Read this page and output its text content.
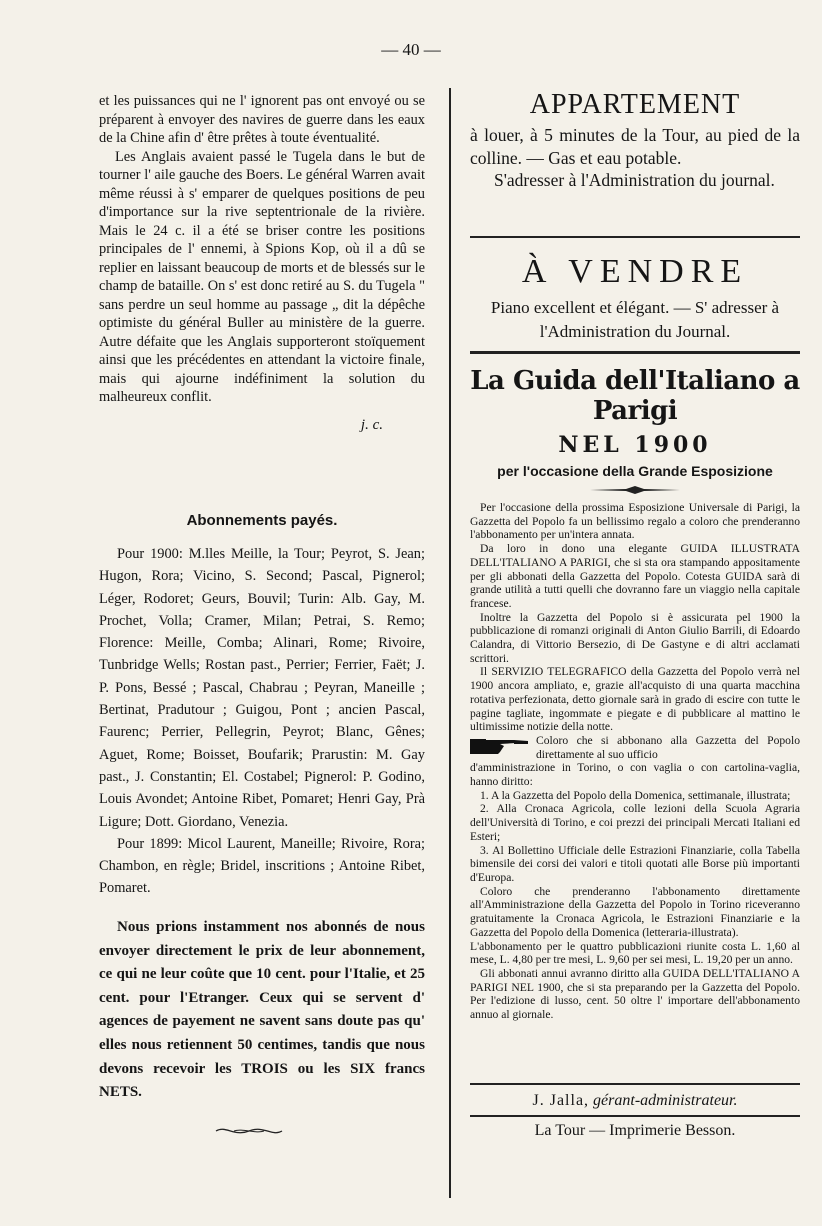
— 40 —

et les puissances qui ne l' ignorent pas ont envoyé ou se préparent à envoyer des navires de guerre dans les eaux de la Chine afin d' être prêtes à toute éventualité.

Les Anglais avaient passé le Tugela dans le but de tourner l' aile gauche des Boers. Le général Warren avait même réussi à s' emparer de quelques positions de peu d'importance sur la rive septentrionale de la rivière. Mais le 24 c. il a été se briser contre les positions principales de l' ennemi, à Spions Kop, où il a dû se replier en laissant beaucoup de morts et de blessés sur le champ de bataille. On s' est donc retiré au S. du Tugela " sans perdre un seul homme au passage „ dit la dépêche optimiste du général Buller au ministère de la guerre. Autre défaite que les Anglais supporteront stoïquement ainsi que les précédentes en attendant la victoire finale, mais qui ajourne indéfiniment la solution du malheureux conflit.

j. c.

Abonnements payés.

Pour 1900: M.lles Meille, la Tour; Peyrot, S. Jean; Hugon, Rora; Vicino, S. Second; Pascal, Pignerol; Léger, Rodoret; Geurs, Bouvil; Turin: Alb. Gay, M. Prochet, Volla; Cramer, Milan; Petrai, S. Remo; Florence: Meille, Comba; Alinari, Rome; Rivoire, Tunbridge Wells; Rostan past., Perrier; Ferrier, Faët; J. P. Pons, Bessé ; Pascal, Chabrau ; Peyran, Maneille ; Bertinat, Pradutour ; Guigou, Pont ; ancien Pascal, Faurenc; Perrier, Pellegrin, Peyrot; Blanc, Gênes; Aguet, Rome; Boisset, Boufarik; Prarustin: M. Gay past., J. Constantin; El. Costabel; Pignerol: P. Godino, Louis Avondet; Antoine Ribet, Pomaret; Henri Gay, Prà Ligure; Dott. Giordano, Venezia.

Pour 1899: Micol Laurent, Maneille; Rivoire, Rora; Chambon, en règle; Bridel, inscritions ; Antoine Ribet, Pomaret.

Nous prions instamment nos abonnés de nous envoyer directement le prix de leur abonnement, ce qui ne leur coûte que 10 cent. pour l'Italie, et 25 cent. pour l'Etranger. Ceux qui se servent d' agences de payement ne savent sans doute pas qu' elles nous retiennent 50 centimes, tandis que nous devons recevoir les TROIS ou les SIX francs NETS.

APPARTEMENT

à louer, à 5 minutes de la Tour, au pied de la colline. — Gas et eau potable.

S'adresser à l'Administration du journal.

À VENDRE

Piano excellent et élégant. — S' adresser à l'Administration du Journal.

La Guida dell'Italiano a Parigi

NEL 1900

per l'occasione della Grande Esposizione

Per l'occasione della prossima Esposizione Universale di Parigi, la Gazzetta del Popolo fa un bellissimo regalo a coloro che prenderanno l'abbonamento per un'intera annata.

Da loro in dono una elegante GUIDA ILLUSTRATA DELL'ITALIANO A PARIGI, che si sta ora stampando appositamente per gli abbonati della Gazzetta del Popolo. Cotesta GUIDA sarà di grande utilità a tutti quelli che dovranno fare un viaggio nella capitale francese.

Inoltre la Gazzetta del Popolo si è assicurata pel 1900 la pubblicazione di romanzi originali di Anton Giulio Barrili, di Edoardo Calandra, di Vittorio Bersezio, di De Gastyne e di altri acclamati scrittori.

Il SERVIZIO TELEGRAFICO della Gazzetta del Popolo verrà nel 1900 ancora ampliato, e, grazie all'acquisto di una quarta macchina rotativa perfezionata, detto giornale sarà in grado di escire con tutte le pagine tagliate, ingommate e piegate e di pubblicare al mattino le ultimissime notizie della notte.

Coloro che si abbonano alla Gazzetta del Popolo direttamente al suo ufficio

d'amministrazione in Torino, o con vaglia o con cartolina-vaglia, hanno diritto:

1. A la Gazzetta del Popolo della Domenica, settimanale, illustrata;

2. Alla Cronaca Agricola, colle lezioni della Scuola Agraria dell'Università di Torino, e coi prezzi dei principali Mercati Italiani ed Esteri;

3. Al Bollettino Ufficiale delle Estrazioni Finanziarie, colla Tabella bimensile dei corsi dei valori e titoli quotati alle Borse più importanti d'Europa.

Coloro che prenderanno l'abbonamento direttamente all'Amministrazione della Gazzetta del Popolo in Torino riceveranno gratuitamente la Cronaca Agricola, le Estrazioni Finanziarie e la Gazzetta del Popolo della Domenica (letteraria-illustrata).

L'abbonamento per le quattro pubblicazioni riunite costa L. 1,60 al mese, L. 4,80 per tre mesi, L. 9,60 per sei mesi, L. 19,20 per un anno.

Gli abbonati annui avranno diritto alla GUIDA DELL'ITALIANO A PARIGI NEL 1900, che si sta preparando per la Gazzetta del Popolo. Per l'edizione di lusso, cent. 50 oltre l' importare dell'abbonamento annuo al giornale.

J. Jalla, gérant-administrateur.

La Tour — Imprimerie Besson.
